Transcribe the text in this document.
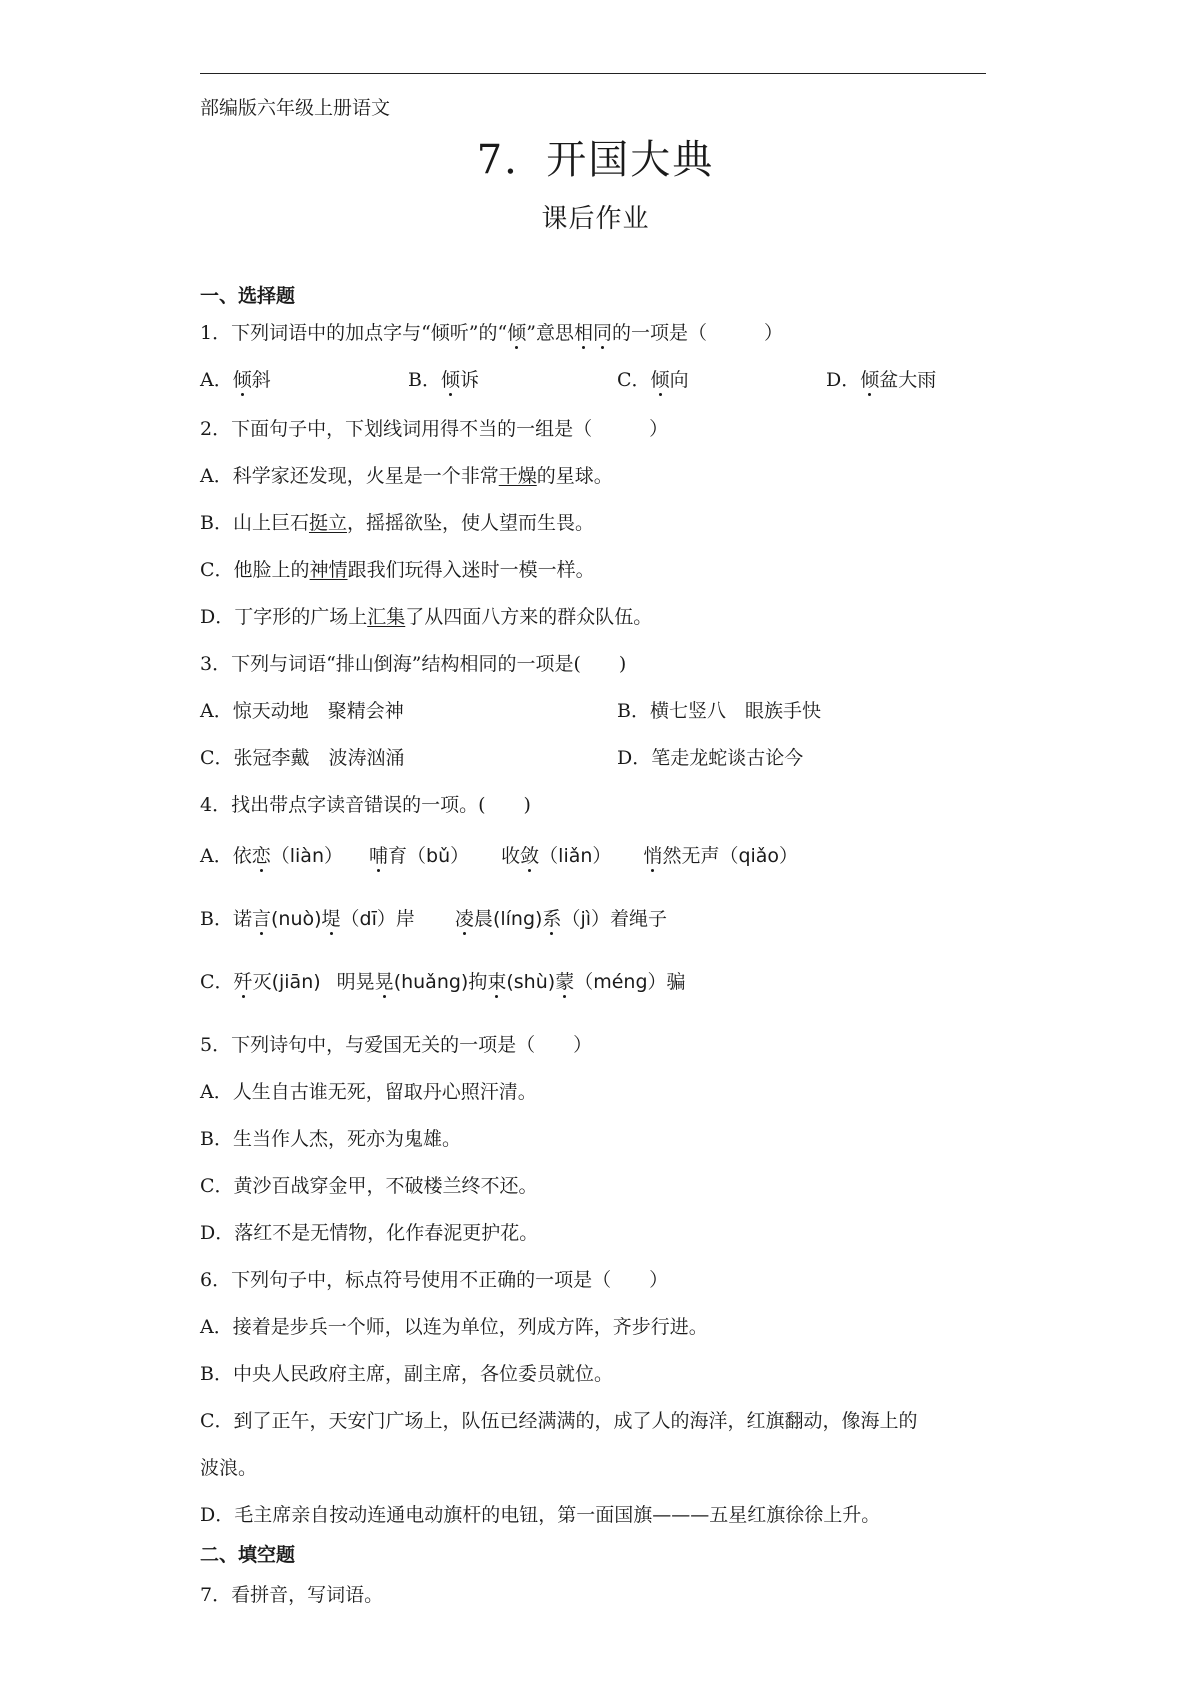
部编版六年级上册语文
7．开国大典
课后作业
一、选择题
1．下列词语中的加点字与“倾听”的“倾”意思相同的一项是（　　　）
A．倾斜	B．倾诉	C．倾向	D．倾盆大雨
2．下面句子中，下划线词用得不当的一组是（　　　）
A．科学家还发现，火星是一个非常干燥的星球。
B．山上巨石挺立，摇摇欲坠，使人望而生畏。
C．他脸上的神情跟我们玩得入迷时一模一样。
D．丁字形的广场上汇集了从四面八方来的群众队伍。
3．下列与词语“排山倒海”结构相同的一项是(　　)
A．惊天动地　聚精会神	B．横七竖八　眼族手快
C．张冠李戴　波涛汹涌	D．笔走龙蛇谈古论今
4．找出带点字读音错误的一项。(　　)
A．依恋（liàn） 哺育（bǔ） 收敛（liǎn） 悄然无声（qiǎo）
B．诺言(nuò)堤（dī）岸 凌晨(líng)系（jì）着绳子
C．歼灭(jiān) 明晃晃(huǎng)拘束(shù)蒙（méng）骗
5．下列诗句中，与爱国无关的一项是（　　）
A．人生自古谁无死，留取丹心照汗清。
B．生当作人杰，死亦为鬼雄。
C．黄沙百战穿金甲，不破楼兰终不还。
D．落红不是无情物，化作春泥更护花。
6．下列句子中，标点符号使用不正确的一项是（　　）
A．接着是步兵一个师，以连为单位，列成方阵，齐步行进。
B．中央人民政府主席，副主席，各位委员就位。
C．到了正午，天安门广场上，队伍已经满满的，成了人的海洋，红旗翻动，像海上的
波浪。
D．毛主席亲自按动连通电动旗杆的电钮，第一面国旗———五星红旗徐徐上升。
二、填空题
7．看拼音，写词语。
